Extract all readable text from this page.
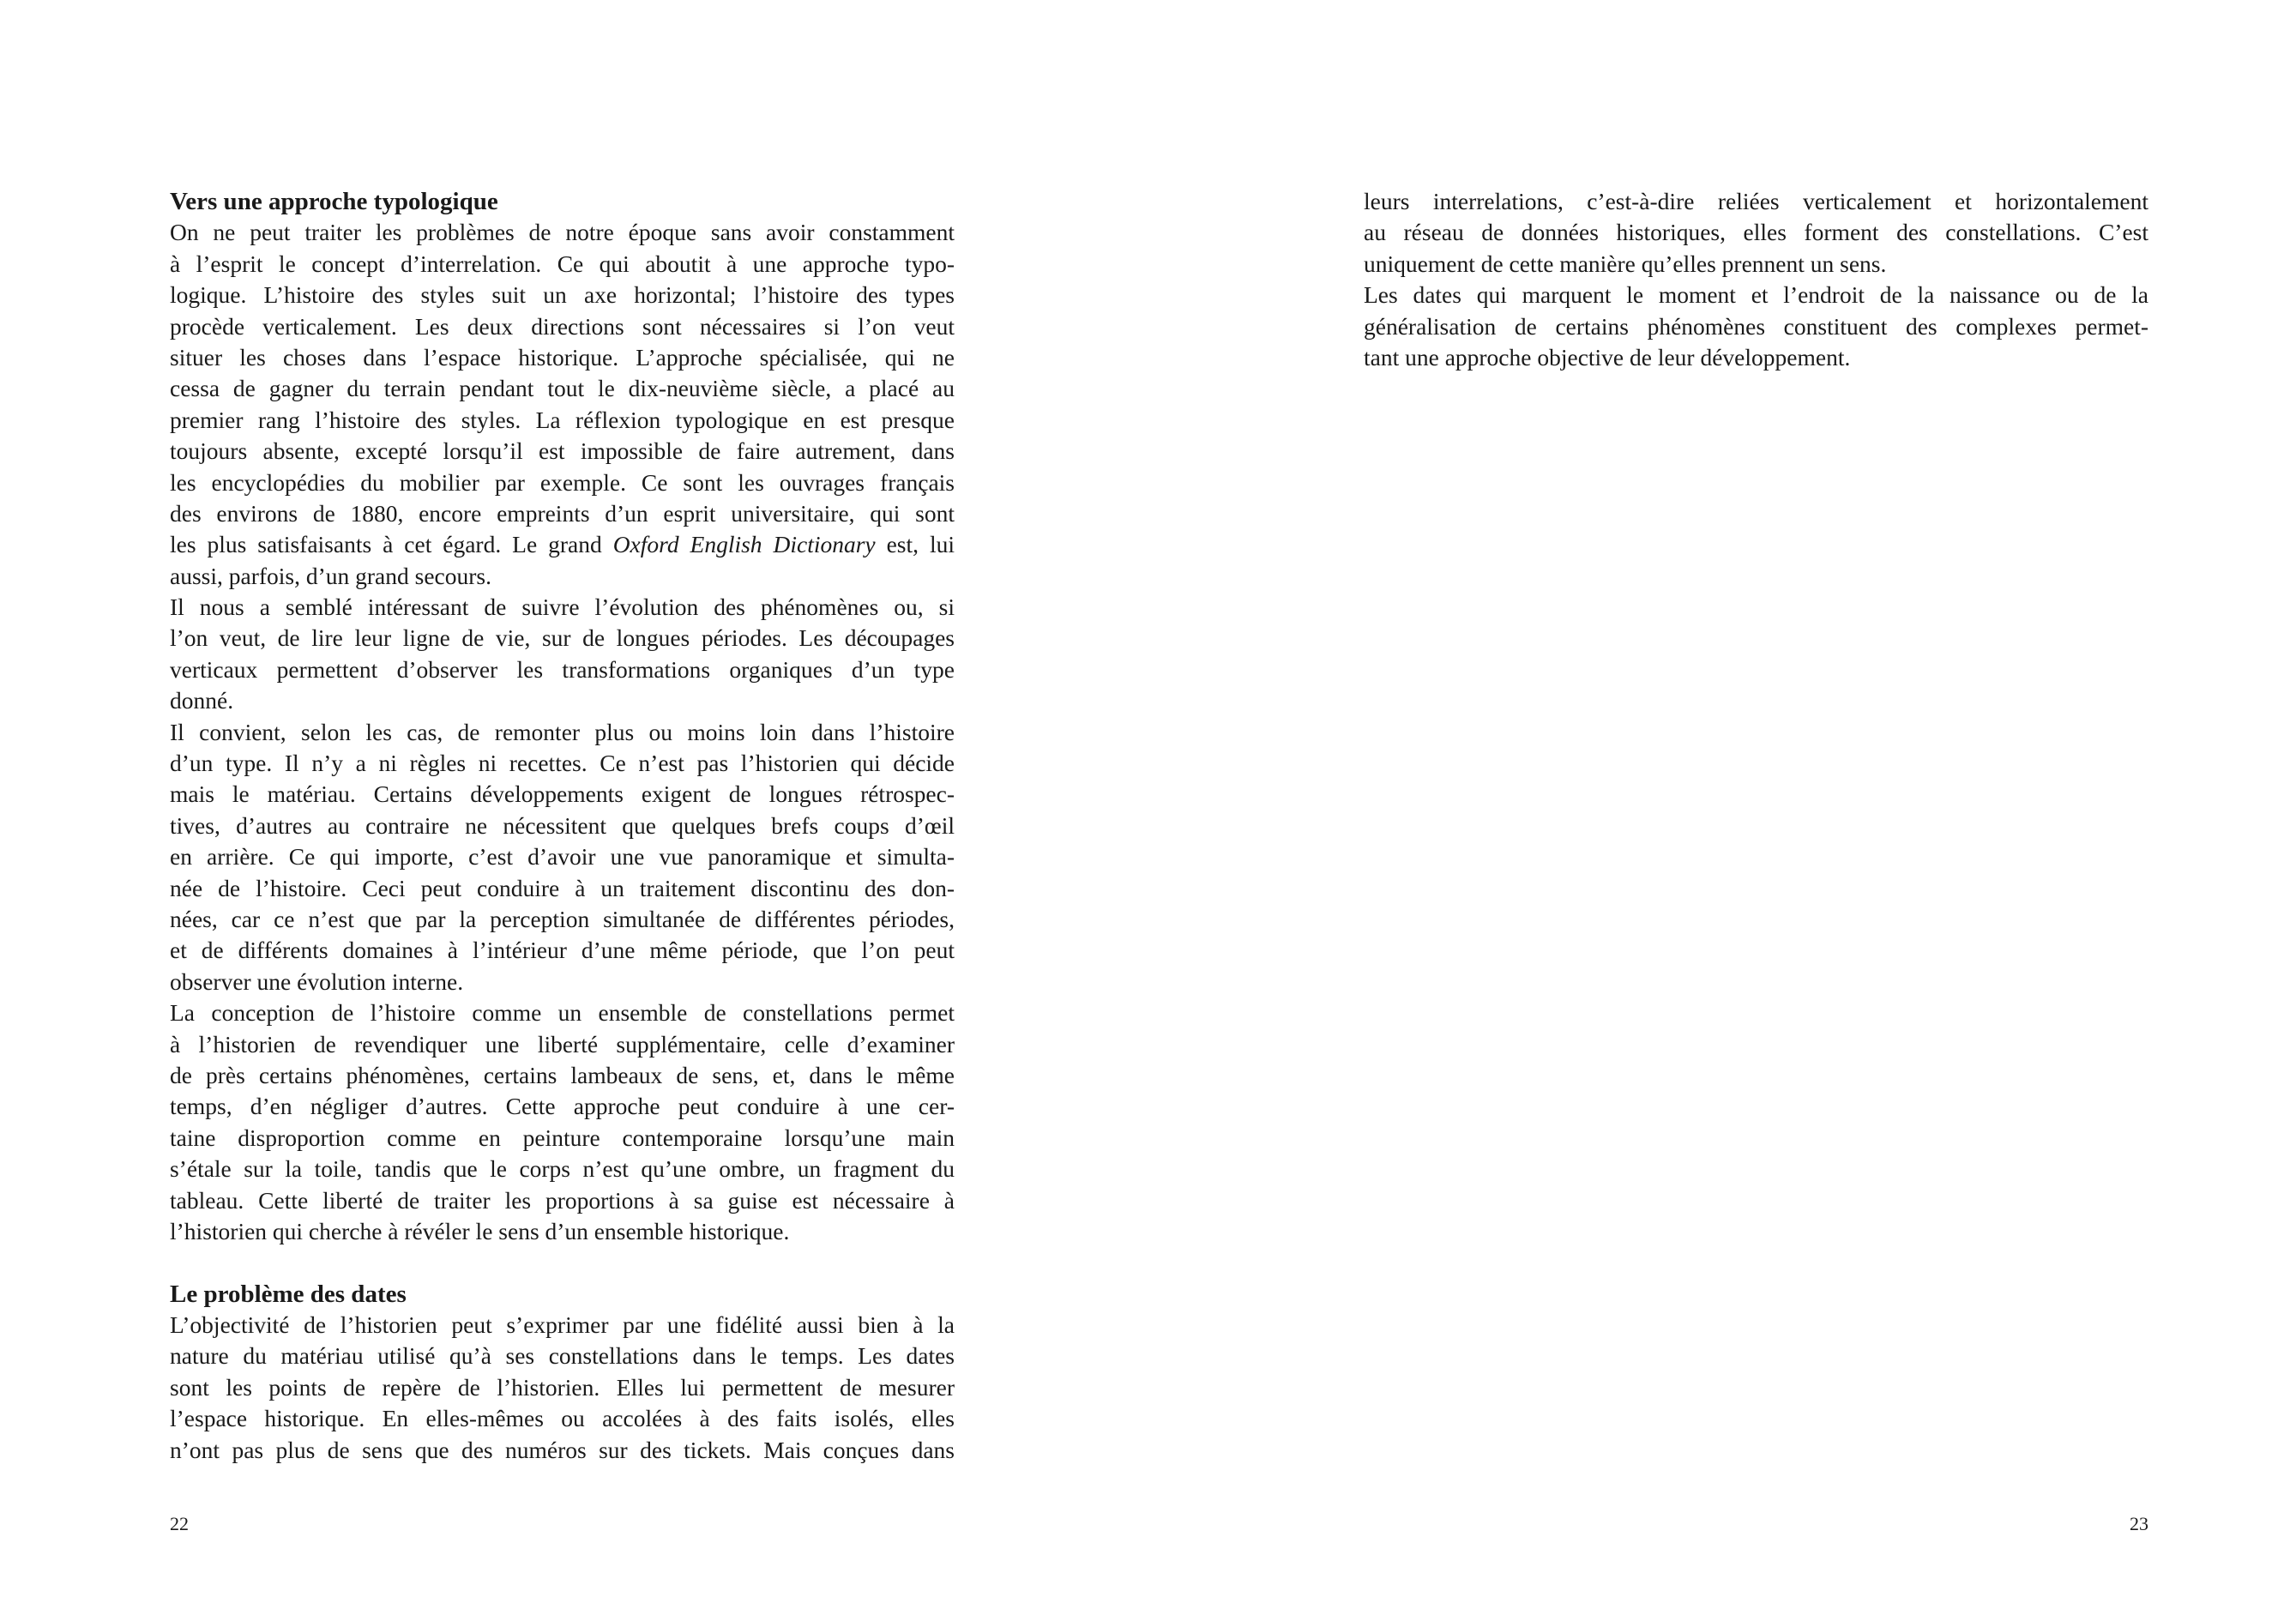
Vers une approche typologique
On ne peut traiter les problèmes de notre époque sans avoir constamment
à l’esprit le concept d’interrelation. Ce qui aboutit à une approche typo-
logique. L’histoire des styles suit un axe horizontal; l’histoire des types
procède verticalement. Les deux directions sont nécessaires si l’on veut
situer les choses dans l’espace historique. L’approche spécialisée, qui ne
cessa de gagner du terrain pendant tout le dix-neuvième siècle, a placé au
premier rang l’histoire des styles. La réflexion typologique en est presque
toujours absente, excepté lorsqu’il est impossible de faire autrement, dans
les encyclopédies du mobilier par exemple. Ce sont les ouvrages français
des environs de 1880, encore empreints d’un esprit universitaire, qui sont
les plus satisfaisants à cet égard. Le grand Oxford English Dictionary est, lui
aussi, parfois, d’un grand secours.
Il nous a semblé intéressant de suivre l’évolution des phénomènes ou, si
l’on veut, de lire leur ligne de vie, sur de longues périodes. Les découpages
verticaux permettent d’observer les transformations organiques d’un type
donné.
Il convient, selon les cas, de remonter plus ou moins loin dans l’histoire
d’un type. Il n’y a ni règles ni recettes. Ce n’est pas l’historien qui décide
mais le matériau. Certains développements exigent de longues rétrospec-
tives, d’autres au contraire ne nécessitent que quelques brefs coups d’œil
en arrière. Ce qui importe, c’est d’avoir une vue panoramique et simulta-
née de l’histoire. Ceci peut conduire à un traitement discontinu des don-
nées, car ce n’est que par la perception simultanée de différentes périodes,
et de différents domaines à l’intérieur d’une même période, que l’on peut
observer une évolution interne.
La conception de l’histoire comme un ensemble de constellations permet
à l’historien de revendiquer une liberté supplémentaire, celle d’examiner
de près certains phénomènes, certains lambeaux de sens, et, dans le même
temps, d’en négliger d’autres. Cette approche peut conduire à une cer-
taine disproportion comme en peinture contemporaine lorsqu’une main
s’étale sur la toile, tandis que le corps n’est qu’une ombre, un fragment du
tableau. Cette liberté de traiter les proportions à sa guise est nécessaire à
l’historien qui cherche à révéler le sens d’un ensemble historique.
Le problème des dates
L’objectivité de l’historien peut s’exprimer par une fidélité aussi bien à la
nature du matériau utilisé qu’à ses constellations dans le temps. Les dates
sont les points de repère de l’historien. Elles lui permettent de mesurer
l’espace historique. En elles-mêmes ou accolées à des faits isolés, elles
n’ont pas plus de sens que des numéros sur des tickets. Mais conçues dans
leurs interrelations, c’est-à-dire reliées verticalement et horizontalement
au réseau de données historiques, elles forment des constellations. C’est
uniquement de cette manière qu’elles prennent un sens.
Les dates qui marquent le moment et l’endroit de la naissance ou de la
généralisation de certains phénomènes constituent des complexes permet-
tant une approche objective de leur développement.
22	23
